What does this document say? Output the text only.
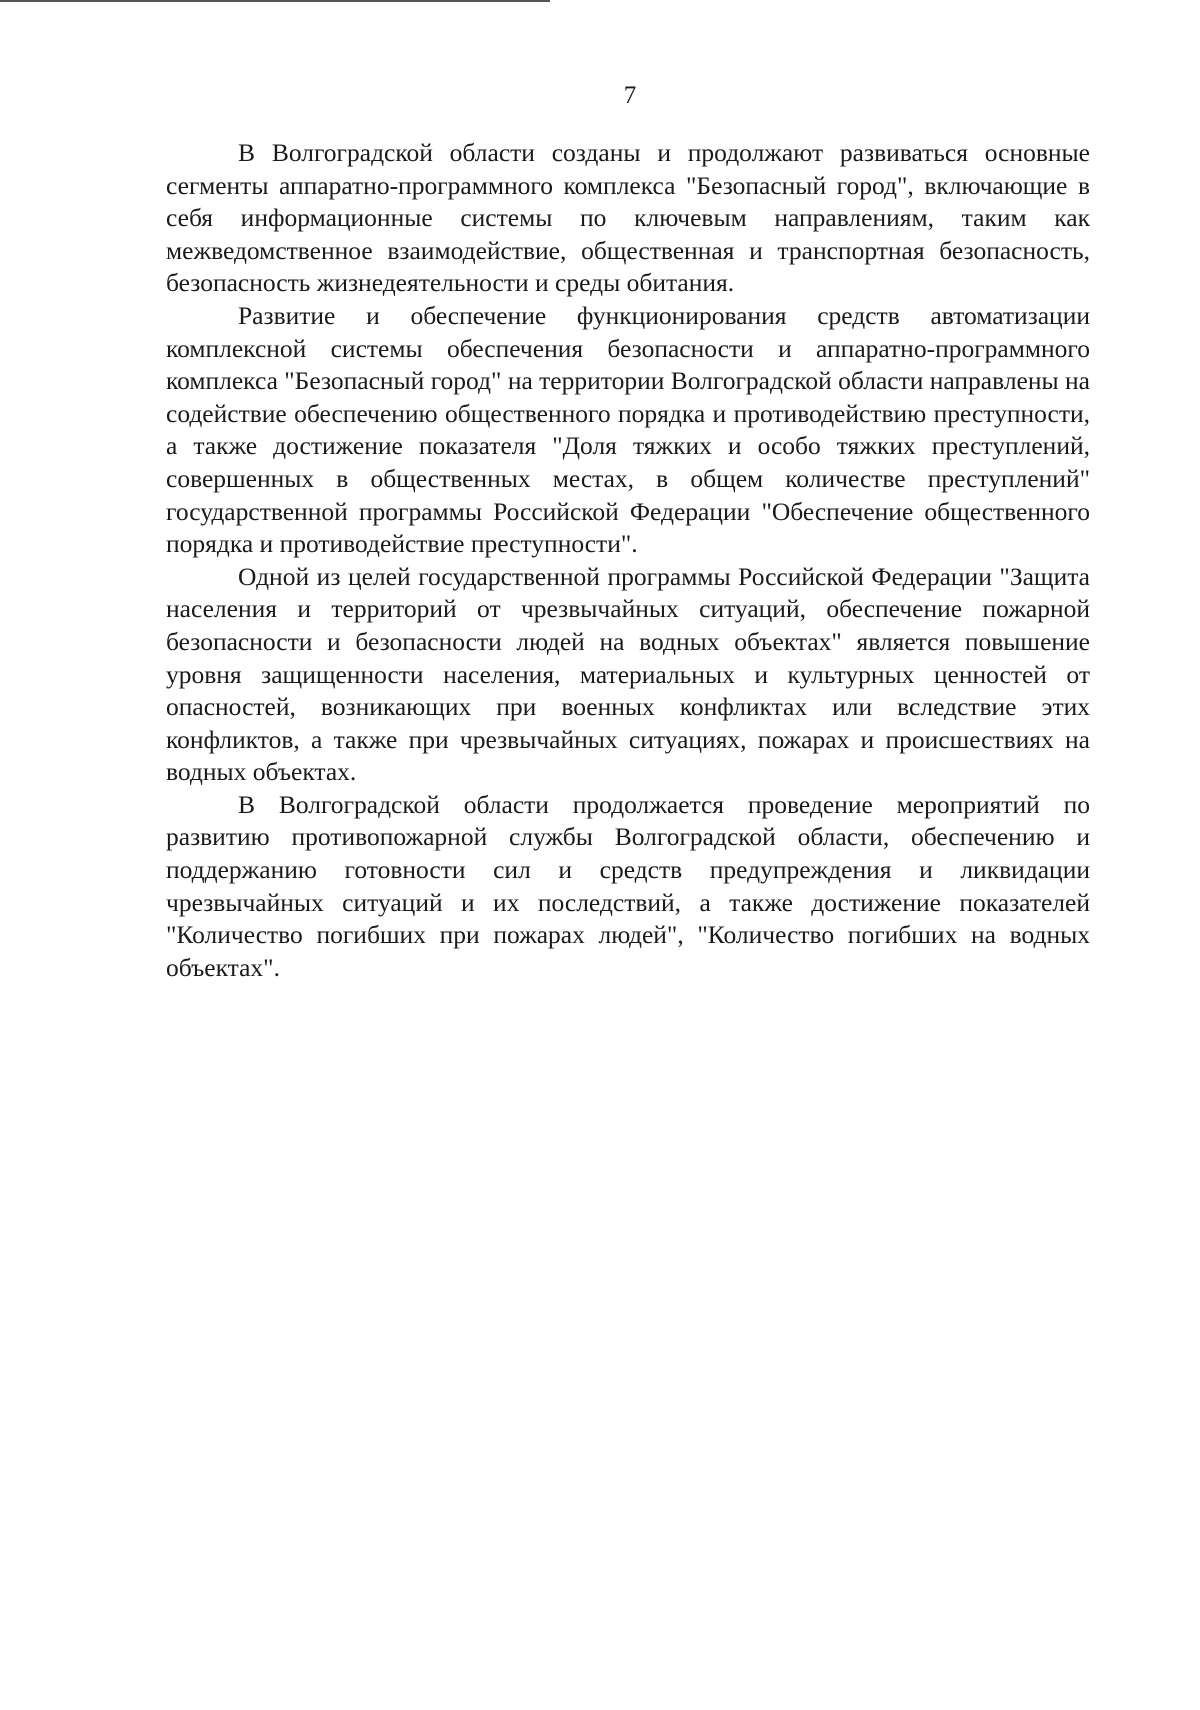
7

В Волгоградской области созданы и продолжают развиваться основные сегменты аппаратно-программного комплекса "Безопасный город", включающие в себя информационные системы по ключевым направлениям, таким как межведомственное взаимодействие, общественная и транспортная безопасность, безопасность жизнедеятельности и среды обитания.

Развитие и обеспечение функционирования средств автоматизации комплексной системы обеспечения безопасности и аппаратно-программного комплекса "Безопасный город" на территории Волгоградской области направлены на содействие обеспечению общественного порядка и противодействию преступности, а также достижение показателя "Доля тяжких и особо тяжких преступлений, совершенных в общественных местах, в общем количестве преступлений" государственной программы Российской Федерации "Обеспечение общественного порядка и противодействие преступности".

Одной из целей государственной программы Российской Федерации "Защита населения и территорий от чрезвычайных ситуаций, обеспечение пожарной безопасности и безопасности людей на водных объектах" является повышение уровня защищенности населения, материальных и культурных ценностей от опасностей, возникающих при военных конфликтах или вследствие этих конфликтов, а также при чрезвычайных ситуациях, пожарах и происшествиях на водных объектах.

В Волгоградской области продолжается проведение мероприятий по развитию противопожарной службы Волгоградской области, обеспечению и поддержанию готовности сил и средств предупреждения и ликвидации чрезвычайных ситуаций и их последствий, а также достижение показателей "Количество погибших при пожарах людей", "Количество погибших на водных объектах".
